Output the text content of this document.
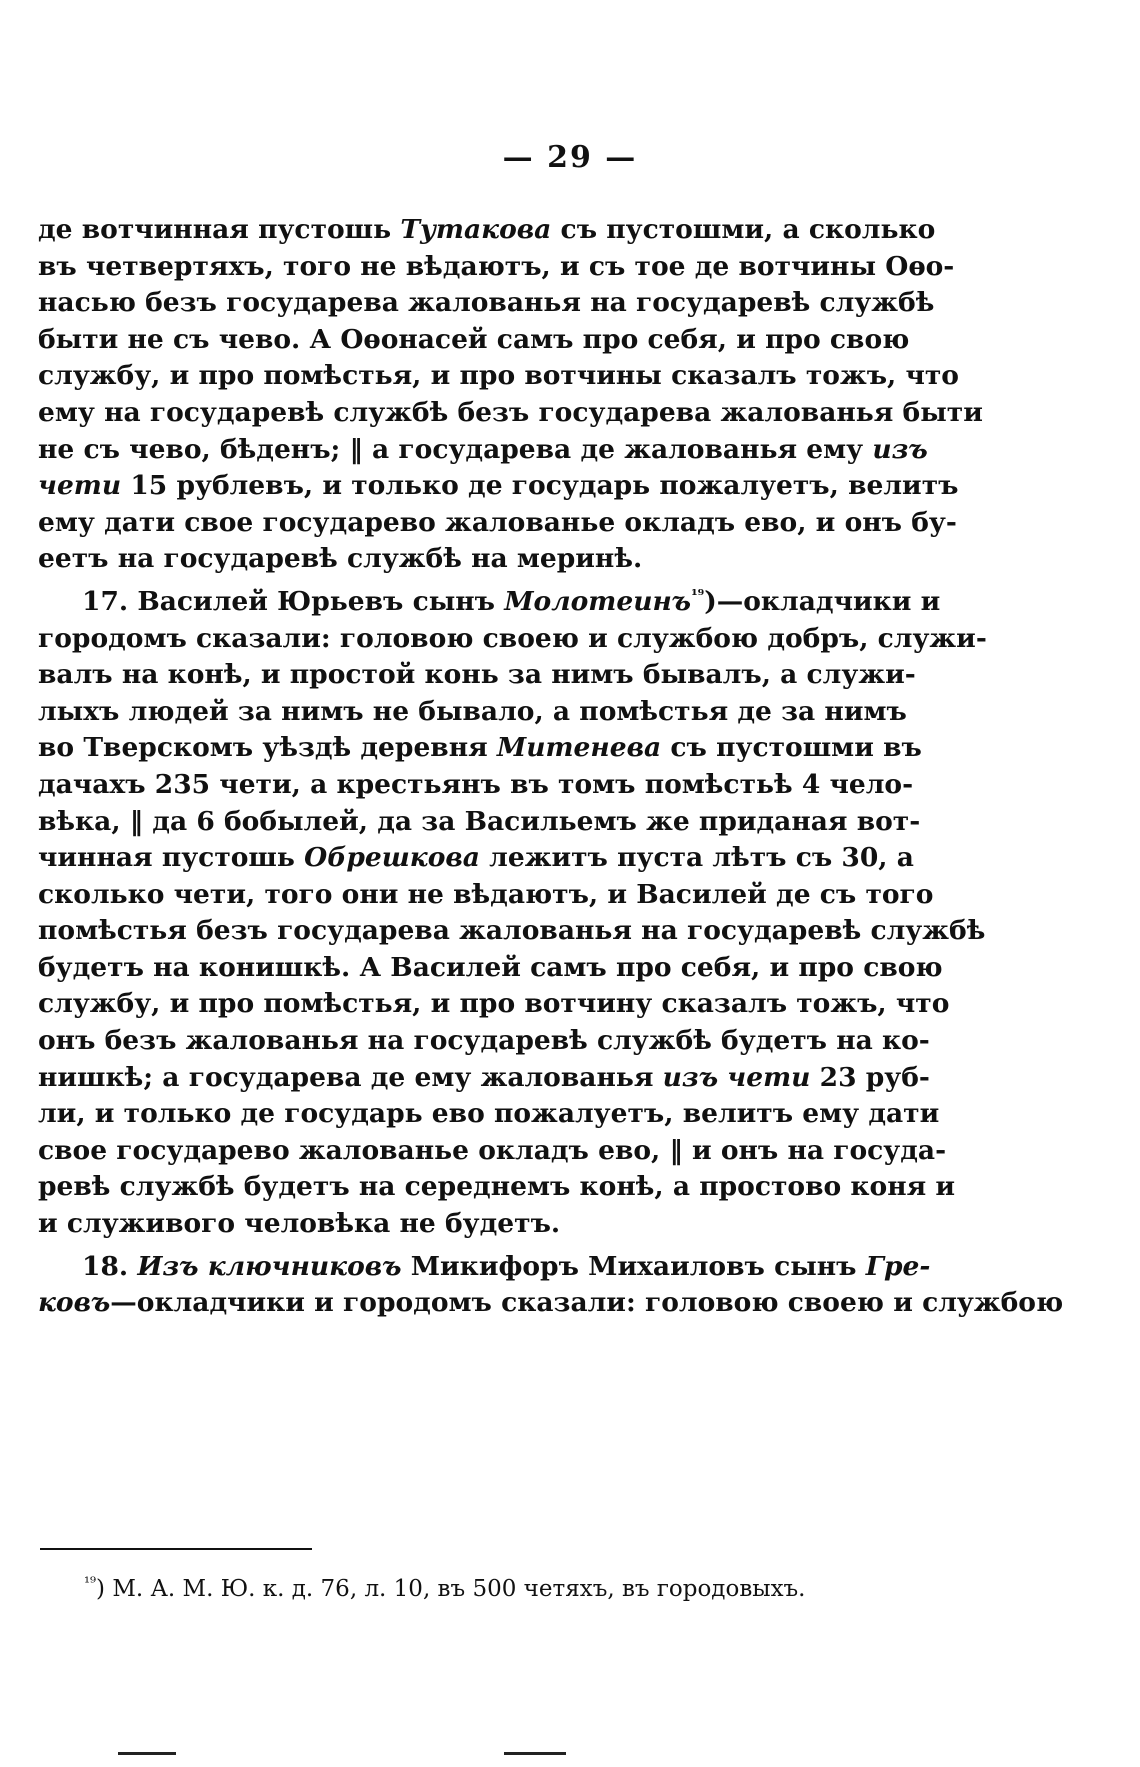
— 29 —
де вотчинная пустошь Тутакова съ пустошми, а сколько
въ четвертяхъ, того не вѣдаютъ, и съ тое де вотчины Оѳо-
насью безъ государева жалованья на государевѣ службѣ
быти не съ чево. А Оѳонасей самъ про себя, и про свою
службу, и про помѣстья, и про вотчины сказалъ тожъ, что
ему на государевѣ службѣ безъ государева жалованья быти
не съ чево, бѣденъ; ‖ а государева де жалованья ему изъ
чети 15 рублевъ, и только де государь пожалуетъ, велитъ
ему дати свое государево жалованье окладъ ево, и онъ бу-
еетъ на государевѣ службѣ на меринѣ.
17. Василей Юрьевъ сынъ Молотеинъ$^{^{19}}$)—окладчики и
городомъ сказали: головою своею и службою добръ, служи-
валъ на конѣ, и простой конь за нимъ бывалъ, а служи-
лыхъ людей за нимъ не бывало, а помѣстья де за нимъ
во Тверскомъ уѣздѣ деревня Митенева съ пустошми въ
дачахъ 235 чети, а крестьянъ въ томъ помѣстьѣ 4 чело-
вѣка, ‖ да 6 бобылей, да за Васильемъ же приданая вот-
чинная пустошь Обрешкова лежитъ пуста лѣтъ съ 30, а
сколько чети, того они не вѣдаютъ, и Василей де съ того
помѣстья безъ государева жалованья на государевѣ службѣ
будетъ на конишкѣ. А Василей самъ про себя, и про свою
службу, и про помѣстья, и про вотчину сказалъ тожъ, что
онъ безъ жалованья на государевѣ службѣ будетъ на ко-
нишкѣ; а государева де ему жалованья изъ чети 23 руб-
ли, и только де государь ево пожалуетъ, велитъ ему дати
свое государево жалованье окладъ ево, ‖ и онъ на госуда-
ревѣ службѣ будетъ на середнемъ конѣ, а простово коня и
и служивого человѣка не будетъ.
18. Изъ ключниковъ Микифоръ Михаиловъ сынъ Гре-
ковъ—окладчики и городомъ сказали: головою своею и службою
$^{^{19}}$) М. А. М. Ю. к. д. 76, л. 10, въ 500 четяхъ, въ городовыхъ.
